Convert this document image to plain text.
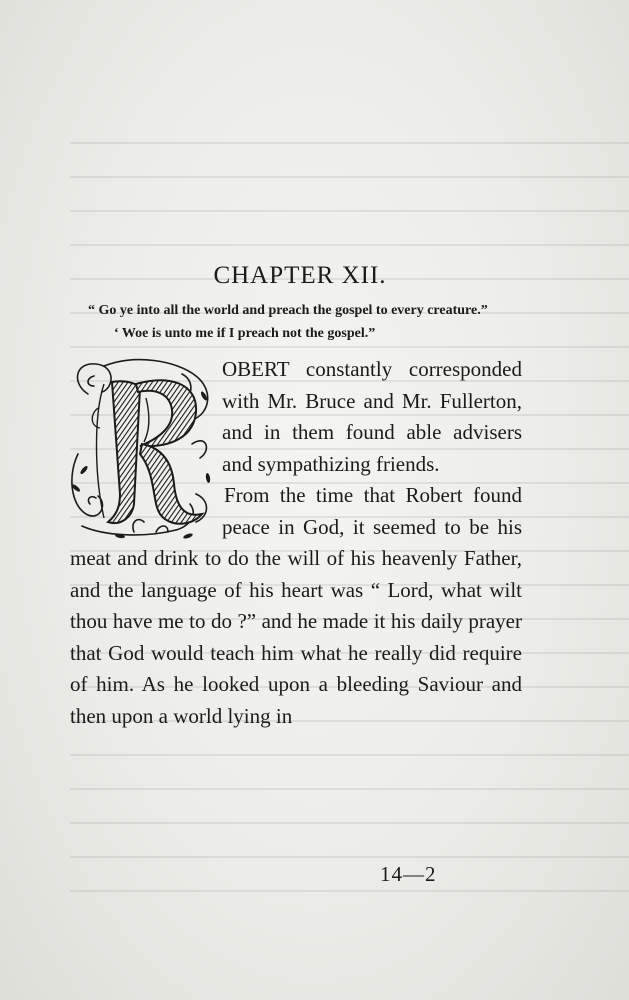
CHAPTER XII.
“ Go ye into all the world and preach the gospel to every creature.”
‘ Woe is unto me if I preach not the gospel.”
OBERT constantly corresponded with Mr. Bruce and Mr. Fullerton, and in them found able advisers and sympathizing friends.
From the time that Robert found peace in God, it seemed to be his meat and drink to do the will of his heavenly Father, and the language of his heart was “ Lord, what wilt thou have me to do ?” and he made it his daily prayer that God would teach him what he really did require of him. As he looked upon a bleeding Saviour and then upon a world lying in
14—2
